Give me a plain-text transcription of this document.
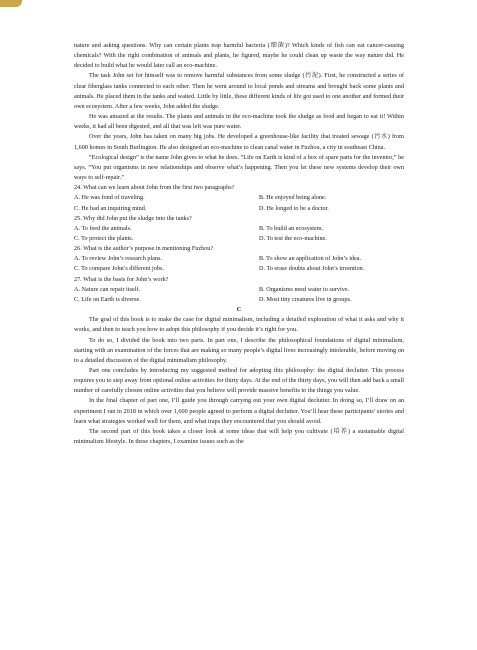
nature and asking questions. Why can certain plants trap harmful bacteria (细菌)? Which kinds of fish can eat cancer-causing chemicals? With the right combination of animals and plants, he figured, maybe he could clean up waste the way nature did. He decided to build what he would later call an eco-machine.

The task John set for himself was to remove harmful substances from some sludge (污泥). First, he constructed a series of clear fiberglass tanks connected to each other. Then he went around to local ponds and streams and brought back some plants and animals. He placed them in the tanks and waited. Little by little, these different kinds of life got used to one another and formed their own ecosystem. After a few weeks, John added the sludge.

He was amazed at the results. The plants and animals in the eco-machine took the sludge as food and began to eat it! Within weeks, it had all been digested, and all that was left was pure water.

Over the years, John has taken on many big jobs. He developed a greenhouse-like facility that treated sewage (污水) from 1,600 homes in South Burlington. He also designed an eco-machine to clean canal water in Fuzhou, a city in southeast China.

“Ecological design” is the name John gives to what he does. “Life on Earth is kind of a box of spare parts for the inventor,” he says. “You put organisms in new relationships and observe what’s happening. Then you let these new systems develop their own ways to self-repair.”

24. What can we learn about John from the first two paragraphs?

A. He was fond of traveling.	B. He enjoyed being alone.
C. He had an inquiring mind.	D. He longed to be a doctor.

25. Why did John put the sludge into the tanks?

A. To feed the animals.	B. To build an ecosystem.
C. To protect the plants.	D. To test the eco-machine.

26. What is the author’s purpose in mentioning Fuzhou?

A. To review John’s research plans.	B. To show an application of John’s idea.
C. To compare John’s different jobs.	D. To erase doubts about John’s invention.

27. What is the basis for John’s work?

A. Nature can repair itself.	B. Organisms need water to survive.
C. Life on Earth is diverse.	D. Most tiny creatures live in groups.

C

The goal of this book is to make the case for digital minimalism, including a detailed exploration of what it asks and why it works, and then to teach you how to adopt this philosophy if you decide it’s right for you.

To do so, I divided the book into two parts. In part one, I describe the philosophical foundations of digital minimalism, starting with an examination of the forces that are making so many people’s digital lives increasingly intolerable, before moving on to a detailed discussion of the digital minimalism philosophy.

Part one concludes by introducing my suggested method for adopting this philosophy: the digital declutter. This process requires you to step away from optional online activities for thirty days. At the end of the thirty days, you will then add back a small number of carefully chosen online activities that you believe will provide massive benefits to the things you value.

In the final chapter of part one, I’ll guide you through carrying out your own digital declutter. In doing so, I’ll draw on an experiment I ran in 2018 in which over 1,600 people agreed to perform a digital declutter. You’ll hear these participants’ stories and learn what strategies worked well for them, and what traps they encountered that you should avoid.

The second part of this book takes a closer look at some ideas that will help you cultivate (培养) a sustainable digital minimalism lifestyle. In these chapters, I examine issues such as the
